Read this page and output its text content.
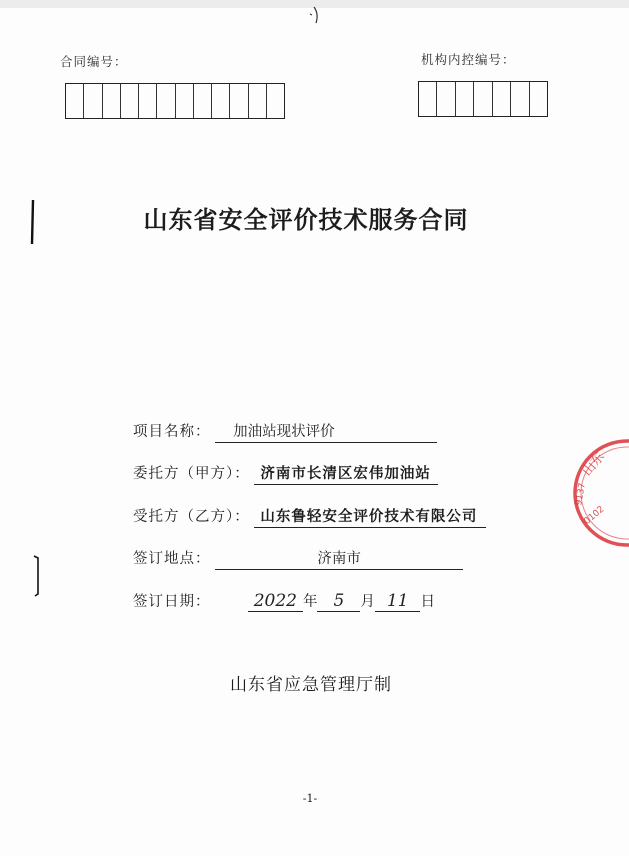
合同编号：	机构内控编号：
山东省安全评价技术服务合同
项目名称： 加油站现状评价
委托方（甲方）： 济南市长清区宏伟加油站
受托方（乙方）： 山东鲁轻安全评价技术有限公司
签订地点：	济南市
签订日期：	2022 年 5 月 11 日
山东省应急管理厅制
-1-
山东
9137
0102
